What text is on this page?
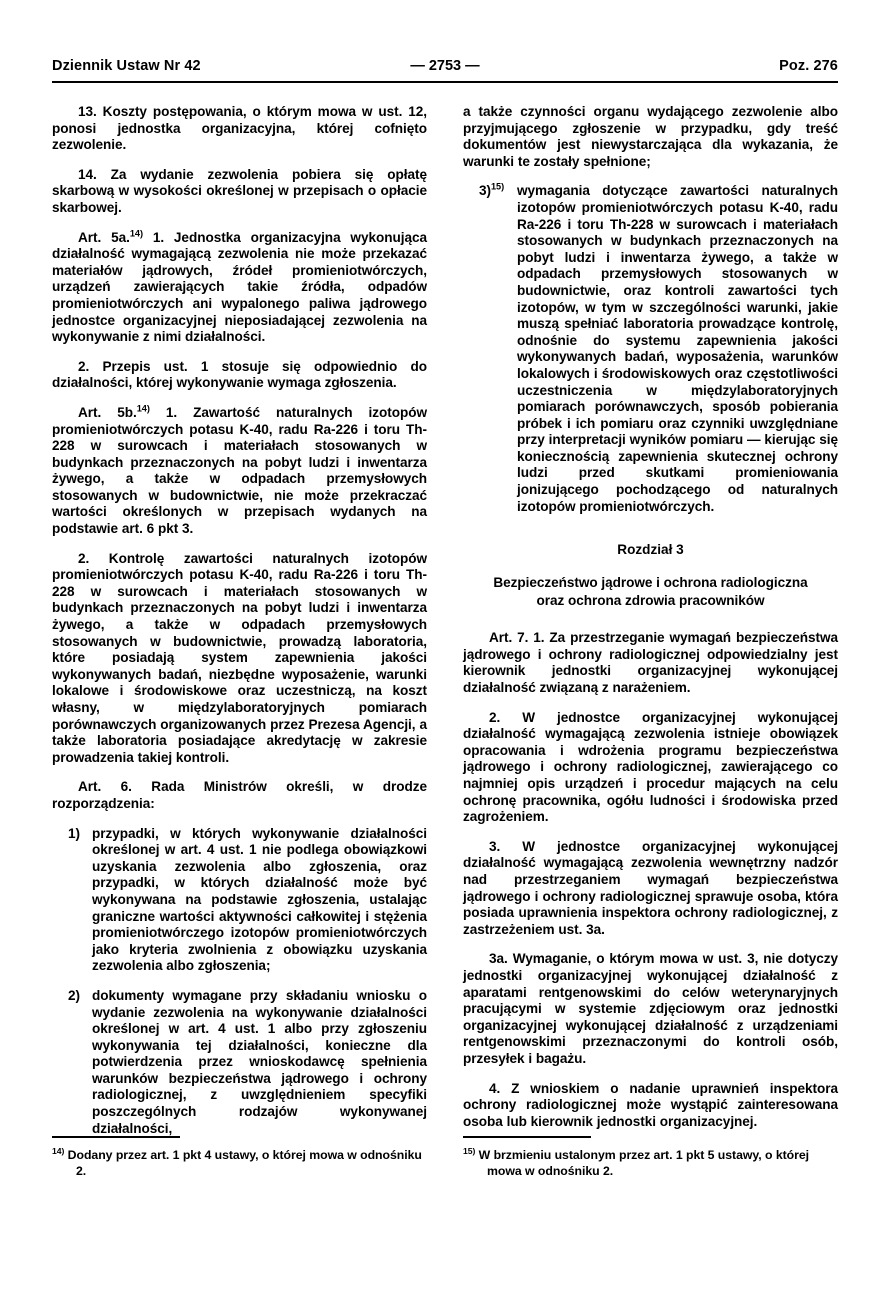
Dziennik Ustaw Nr 42	Poz. 276
— 2753 —

13. Koszty postępowania, o którym mowa w ust. 12, ponosi jednostka organizacyjna, której cofnięto zezwolenie.

14. Za wydanie zezwolenia pobiera się opłatę skarbową w wysokości określonej w przepisach o opłacie skarbowej.

Art. 5a.$^{14)}$ 1. Jednostka organizacyjna wykonująca działalność wymagającą zezwolenia nie może przekazać materiałów jądrowych, źródeł promieniotwórczych, urządzeń zawierających takie źródła, odpadów promieniotwórczych ani wypalonego paliwa jądrowego jednostce organizacyjnej nieposiadającej zezwolenia na wykonywanie z nimi działalności.

2. Przepis ust. 1 stosuje się odpowiednio do działalności, której wykonywanie wymaga zgłoszenia.

Art. 5b.$^{14)}$ 1. Zawartość naturalnych izotopów promieniotwórczych potasu K-40, radu Ra-226 i toru Th-228 w surowcach i materiałach stosowanych w budynkach przeznaczonych na pobyt ludzi i inwentarza żywego, a także w odpadach przemysłowych stosowanych w budownictwie, nie może przekraczać wartości określonych w przepisach wydanych na podstawie art. 6 pkt 3.

2. Kontrolę zawartości naturalnych izotopów promieniotwórczych potasu K-40, radu Ra-226 i toru Th-228 w surowcach i materiałach stosowanych w budynkach przeznaczonych na pobyt ludzi i inwentarza żywego, a także w odpadach przemysłowych stosowanych w budownictwie, prowadzą laboratoria, które posiadają system zapewnienia jakości wykonywanych badań, niezbędne wyposażenie, warunki lokalowe i środowiskowe oraz uczestniczą, na koszt własny, w międzylaboratoryjnych pomiarach porównawczych organizowanych przez Prezesa Agencji, a także laboratoria posiadające akredytację w zakresie prowadzenia takiej kontroli.

Art. 6. Rada Ministrów określi, w drodze rozporządzenia:

1) przypadki, w których wykonywanie działalności określonej w art. 4 ust. 1 nie podlega obowiązkowi uzyskania zezwolenia albo zgłoszenia, oraz przypadki, w których działalność może być wykonywana na podstawie zgłoszenia, ustalając graniczne wartości aktywności całkowitej i stężenia promieniotwórczego izotopów promieniotwórczych jako kryteria zwolnienia z obowiązku uzyskania zezwolenia albo zgłoszenia;
2) dokumenty wymagane przy składaniu wniosku o wydanie zezwolenia na wykonywanie działalności określonej w art. 4 ust. 1 albo przy zgłoszeniu wykonywania tej działalności, konieczne dla potwierdzenia przez wnioskodawcę spełnienia warunków bezpieczeństwa jądrowego i ochrony radiologicznej, z uwzględnieniem specyfiki poszczególnych rodzajów wykonywanej działalności,

a także czynności organu wydającego zezwolenie albo przyjmującego zgłoszenie w przypadku, gdy treść dokumentów jest niewystarczająca dla wykazania, że warunki te zostały spełnione;

3)$^{15)}$ wymagania dotyczące zawartości naturalnych izotopów promieniotwórczych potasu K-40, radu Ra-226 i toru Th-228 w surowcach i materiałach stosowanych w budynkach przeznaczonych na pobyt ludzi i inwentarza żywego, a także w odpadach przemysłowych stosowanych w budownictwie, oraz kontroli zawartości tych izotopów, w tym w szczególności warunki, jakie muszą spełniać laboratoria prowadzące kontrolę, odnośnie do systemu zapewnienia jakości wykonywanych badań, wyposażenia, warunków lokalowych i środowiskowych oraz częstotliwości uczestniczenia w międzylaboratoryjnych pomiarach porównawczych, sposób pobierania próbek i ich pomiaru oraz czynniki uwzględniane przy interpretacji wyników pomiaru — kierując się koniecznością zapewnienia skutecznej ochrony ludzi przed skutkami promieniowania jonizującego pochodzącego od naturalnych izotopów promieniotwórczych.
Rozdział 3
Bezpieczeństwo jądrowe i ochrona radiologiczna
oraz ochrona zdrowia pracowników

Art. 7. 1. Za przestrzeganie wymagań bezpieczeństwa jądrowego i ochrony radiologicznej odpowiedzialny jest kierownik jednostki organizacyjnej wykonującej działalność związaną z narażeniem.

2. W jednostce organizacyjnej wykonującej działalność wymagającą zezwolenia istnieje obowiązek opracowania i wdrożenia programu bezpieczeństwa jądrowego i ochrony radiologicznej, zawierającego co najmniej opis urządzeń i procedur mających na celu ochronę pracownika, ogółu ludności i środowiska przed zagrożeniem.

3. W jednostce organizacyjnej wykonującej działalność wymagającą zezwolenia wewnętrzny nadzór nad przestrzeganiem wymagań bezpieczeństwa jądrowego i ochrony radiologicznej sprawuje osoba, która posiada uprawnienia inspektora ochrony radiologicznej, z zastrzeżeniem ust. 3a.

3a. Wymaganie, o którym mowa w ust. 3, nie dotyczy jednostki organizacyjnej wykonującej działalność z aparatami rentgenowskimi do celów weterynaryjnych pracującymi w systemie zdjęciowym oraz jednostki organizacyjnej wykonującej działalność z urządzeniami rentgenowskimi przeznaczonymi do kontroli osób, przesyłek i bagażu.

4. Z wnioskiem o nadanie uprawnień inspektora ochrony radiologicznej może wystąpić zainteresowana osoba lub kierownik jednostki organizacyjnej.

$^{14)}$ Dodany przez art. 1 pkt 4 ustawy, o której mowa w odnośniku 2.
$^{15)}$ W brzmieniu ustalonym przez art. 1 pkt 5 ustawy, o której mowa w odnośniku 2.
